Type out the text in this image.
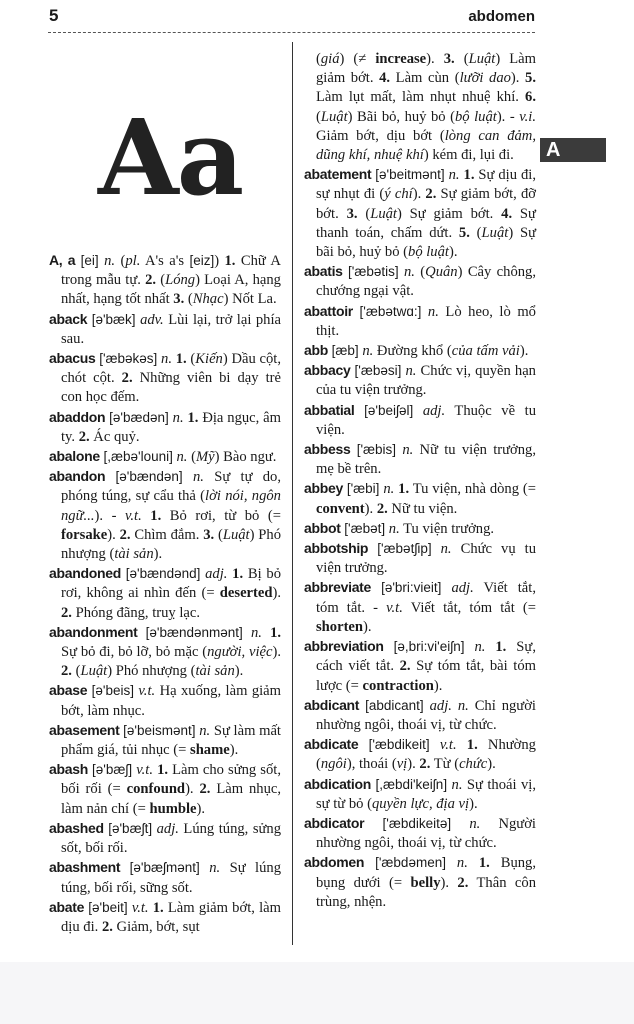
5	abdomen
A
Aa

A, a [ei] n. (pl. A's a's [eiz]) 1. Chữ A trong mẫu tự. 2. (Lóng) Loại A, hạng nhất, hạng tốt nhất 3. (Nhạc) Nốt La.

aback [ə'bæk] adv. Lùi lại, trở lại phía sau.

abacus ['æbəkəs] n. 1. (Kiến) Dầu cột, chót cột. 2. Những viên bi dạy trẻ con học đếm.

abaddon [ə'bædən] n. 1. Địa ngục, âm ty. 2. Ác quỷ.

abalone [,æbə'louni] n. (Mỹ) Bào ngư.

abandon [ə'bændən] n. Sự tự do, phóng túng, sự cẩu thả (lời nói, ngôn ngữ...). - v.t. 1. Bỏ rơi, từ bỏ (= forsake). 2. Chìm đắm. 3. (Luật) Phó nhượng (tài sản).

abandoned [ə'bændənd] adj. 1. Bị bỏ rơi, không ai nhìn đến (= deserted). 2. Phóng đãng, truỵ lạc.

abandonment [ə'bændənmənt] n. 1. Sự bỏ đi, bỏ lỡ, bỏ mặc (người, việc). 2. (Luật) Phó nhượng (tài sản).

abase [ə'beis] v.t. Hạ xuống, làm giảm bớt, làm nhục.

abasement [ə'beismənt] n. Sự làm mất phẩm giá, tủi nhục (= shame).

abash [ə'bæʃ] v.t. 1. Làm cho sửng sốt, bối rối (= confound). 2. Làm nhục, làm nản chí (= humble).

abashed [ə'bæʃt] adj. Lúng túng, sửng sốt, bối rối.

abashment [ə'bæʃmənt] n. Sự lúng túng, bối rối, sững sốt.

abate [ə'beit] v.t. 1. Làm giảm bớt, làm dịu đi. 2. Giảm, bớt, sụt

(giá) (≠ increase). 3. (Luật) Làm giảm bớt. 4. Làm cùn (lưỡi dao). 5. Làm lụt mất, làm nhụt nhuệ khí. 6. (Luật) Bãi bỏ, huỷ bỏ (bộ luật). - v.i. Giảm bớt, dịu bớt (lòng can đảm, dũng khí, nhuệ khí) kém đi, lụi đi.

abatement [ə'beitmənt] n. 1. Sự dịu đi, sự nhụt đi (ý chí). 2. Sự giảm bớt, đỡ bớt. 3. (Luật) Sự giảm bớt. 4. Sự thanh toán, chấm dứt. 5. (Luật) Sự bãi bỏ, huỷ bỏ (bộ luật).

abatis ['æbətis] n. (Quân) Cây chông, chướng ngại vật.

abattoir ['æbətwɑ:] n. Lò heo, lò mổ thịt.

abb [æb] n. Đường khổ (của tấm vải).

abbacy ['æbəsi] n. Chức vị, quyền hạn của tu viện trưởng.

abbatial [ə'beiʃəl] adj. Thuộc về tu viện.

abbess ['æbis] n. Nữ tu viện trưởng, mẹ bề trên.

abbey ['æbi] n. 1. Tu viện, nhà dòng (= convent). 2. Nữ tu viện.

abbot ['æbət] n. Tu viện trưởng.

abbotship ['æbətʃip] n. Chức vụ tu viện trưởng.

abbreviate [ə'bri:vieit] adj. Viết tắt, tóm tắt. - v.t. Viết tắt, tóm tắt (= shorten).

abbreviation [ə,bri:vi'eiʃn] n. 1. Sự, cách viết tắt. 2. Sự tóm tắt, bài tóm lược (= contraction).

abdicant [abdicant] adj. n. Chỉ người nhường ngôi, thoái vị, từ chức.

abdicate ['æbdikeit] v.t. 1. Nhường (ngôi), thoái (vị). 2. Từ (chức).

abdication [,æbdi'keiʃn] n. Sự thoái vị, sự từ bỏ (quyền lực, địa vị).

abdicator ['æbdikeitə] n. Người nhường ngôi, thoái vị, từ chức.

abdomen ['æbdəmen] n. 1. Bụng, bụng dưới (= belly). 2. Thân côn trùng, nhện.
